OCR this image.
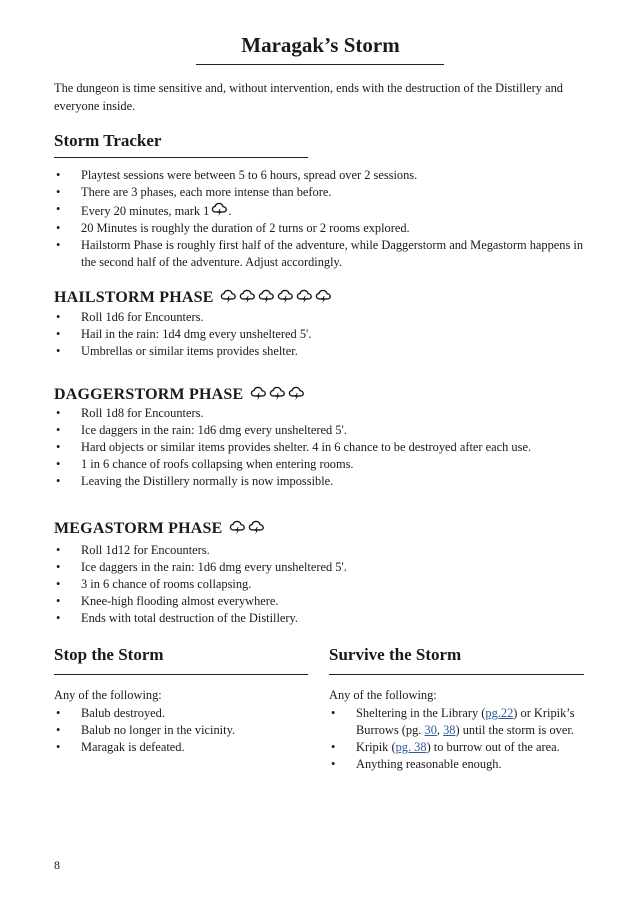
Maragak’s Storm

The dungeon is time sensitive and, without intervention, ends with the destruction of the Distillery and everyone inside.

Storm Tracker
• Playtest sessions were between 5 to 6 hours, spread over 2 sessions.
• There are 3 phases, each more intense than before.
• Every 20 minutes, mark 1 .
• 20 Minutes is roughly the duration of 2 turns or 2 rooms explored.
• Hailstorm Phase is roughly first half of the adventure, while Daggerstorm and Megastorm happens in the second half of the adventure. Adjust accordingly.
HAILSTORM PHASE
• Roll 1d6 for Encounters.
• Hail in the rain: 1d4 dmg every unsheltered 5'.
• Umbrellas or similar items provides shelter.
DAGGERSTORM PHASE
• Roll 1d8 for Encounters.
• Ice daggers in the rain: 1d6 dmg every unsheltered 5'.
• Hard objects or similar items provides shelter. 4 in 6 chance to be destroyed after each use.
• 1 in 6 chance of roofs collapsing when entering rooms.
• Leaving the Distillery normally is now impossible.
MEGASTORM PHASE
• Roll 1d12 for Encounters.
• Ice daggers in the rain: 1d6 dmg every unsheltered 5'.
• 3 in 6 chance of rooms collapsing.
• Knee-high flooding almost everywhere.
• Ends with total destruction of the Distillery.
Stop the Storm

Any of the following:

• Balub destroyed.
• Balub no longer in the vicinity.
• Maragak is defeated.
Survive the Storm

Any of the following:

• Sheltering in the Library (pg.22) or Kripik’s Burrows (pg. 30, 38) until the storm is over.
• Kripik (pg. 38) to burrow out of the area.
• Anything reasonable enough.

8
